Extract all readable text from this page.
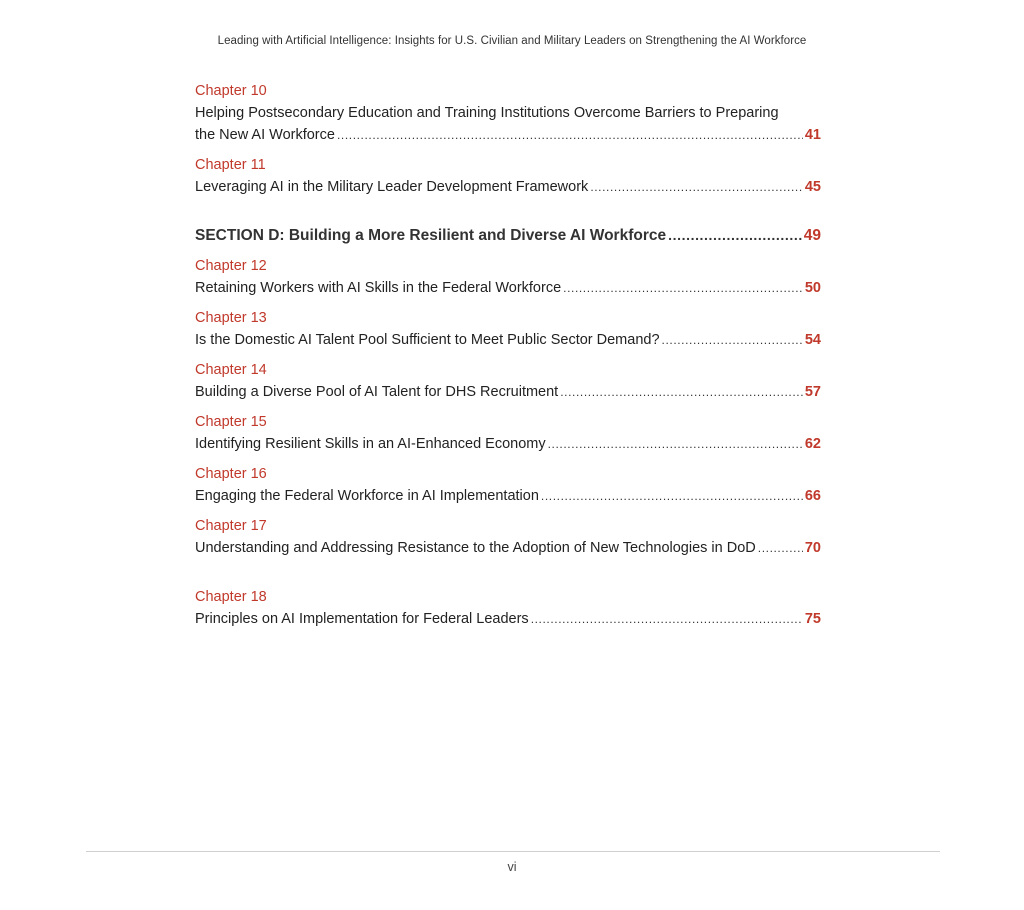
Leading with Artificial Intelligence: Insights for U.S. Civilian and Military Leaders on Strengthening the AI Workforce
Chapter 10
Helping Postsecondary Education and Training Institutions Overcome Barriers to Preparing
the New AI Workforce .....	41
Chapter 11
Leveraging AI in the Military Leader Development Framework .....	45
SECTION D: Building a More Resilient and Diverse AI Workforce .....	49
Chapter 12
Retaining Workers with AI Skills in the Federal Workforce .....	50
Chapter 13
Is the Domestic AI Talent Pool Sufficient to Meet Public Sector Demand? .....	54
Chapter 14
Building a Diverse Pool of AI Talent for DHS Recruitment .....	57
Chapter 15
Identifying Resilient Skills in an AI-Enhanced Economy .....	62
Chapter 16
Engaging the Federal Workforce in AI Implementation .....	66
Chapter 17
Understanding and Addressing Resistance to the Adoption of New Technologies in DoD .....	70
Chapter 18
Principles on AI Implementation for Federal Leaders .....	75
vi
